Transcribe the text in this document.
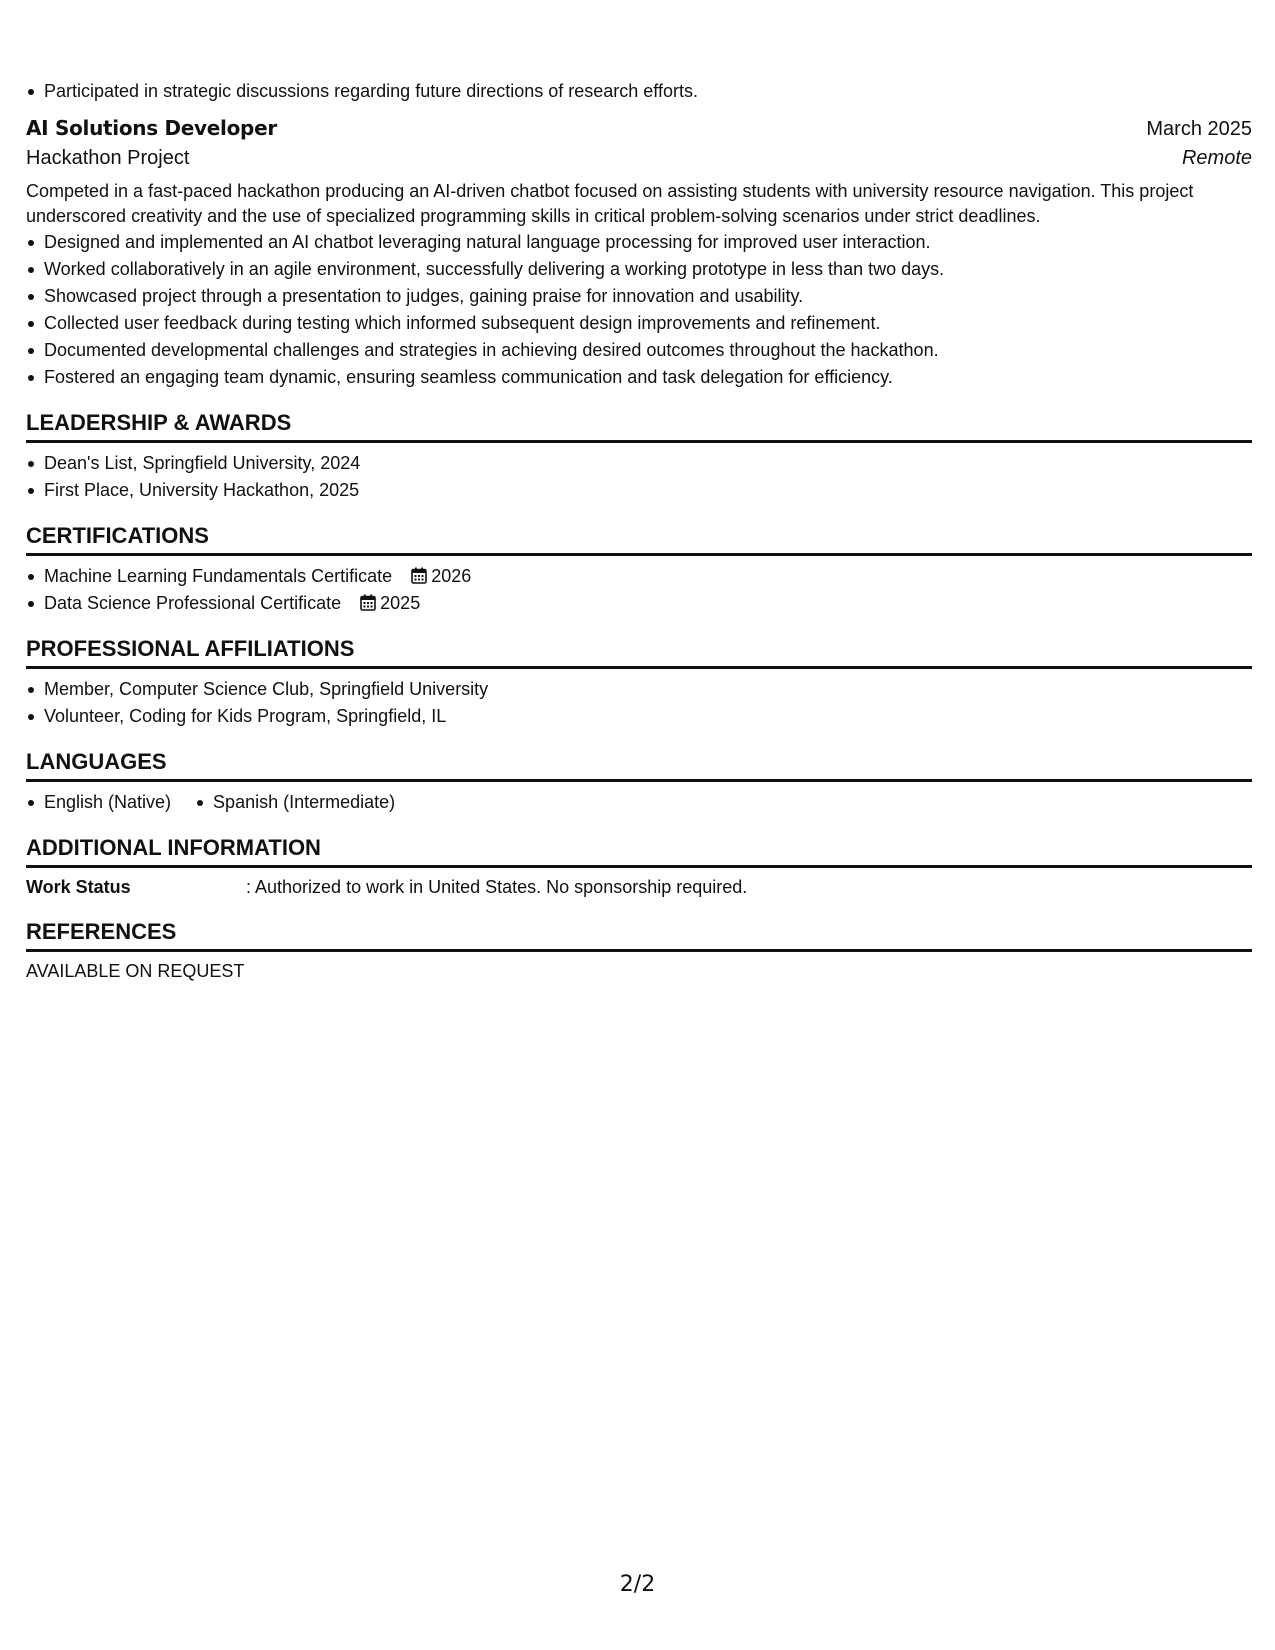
Participated in strategic discussions regarding future directions of research efforts.
AI Solutions Developer	March 2025
Hackathon Project	Remote
Competed in a fast-paced hackathon producing an AI-driven chatbot focused on assisting students with university resource navigation. This project underscored creativity and the use of specialized programming skills in critical problem-solving scenarios under strict deadlines.
Designed and implemented an AI chatbot leveraging natural language processing for improved user interaction.
Worked collaboratively in an agile environment, successfully delivering a working prototype in less than two days.
Showcased project through a presentation to judges, gaining praise for innovation and usability.
Collected user feedback during testing which informed subsequent design improvements and refinement.
Documented developmental challenges and strategies in achieving desired outcomes throughout the hackathon.
Fostered an engaging team dynamic, ensuring seamless communication and task delegation for efficiency.
LEADERSHIP & AWARDS
Dean's List, Springfield University, 2024
First Place, University Hackathon, 2025
CERTIFICATIONS
Machine Learning Fundamentals Certificate 2026
Data Science Professional Certificate 2025
PROFESSIONAL AFFILIATIONS
Member, Computer Science Club, Springfield University
Volunteer, Coding for Kids Program, Springfield, IL
LANGUAGES
English (Native) Spanish (Intermediate)
ADDITIONAL INFORMATION
Work Status	: Authorized to work in United States. No sponsorship required.
REFERENCES
AVAILABLE ON REQUEST
2/2
